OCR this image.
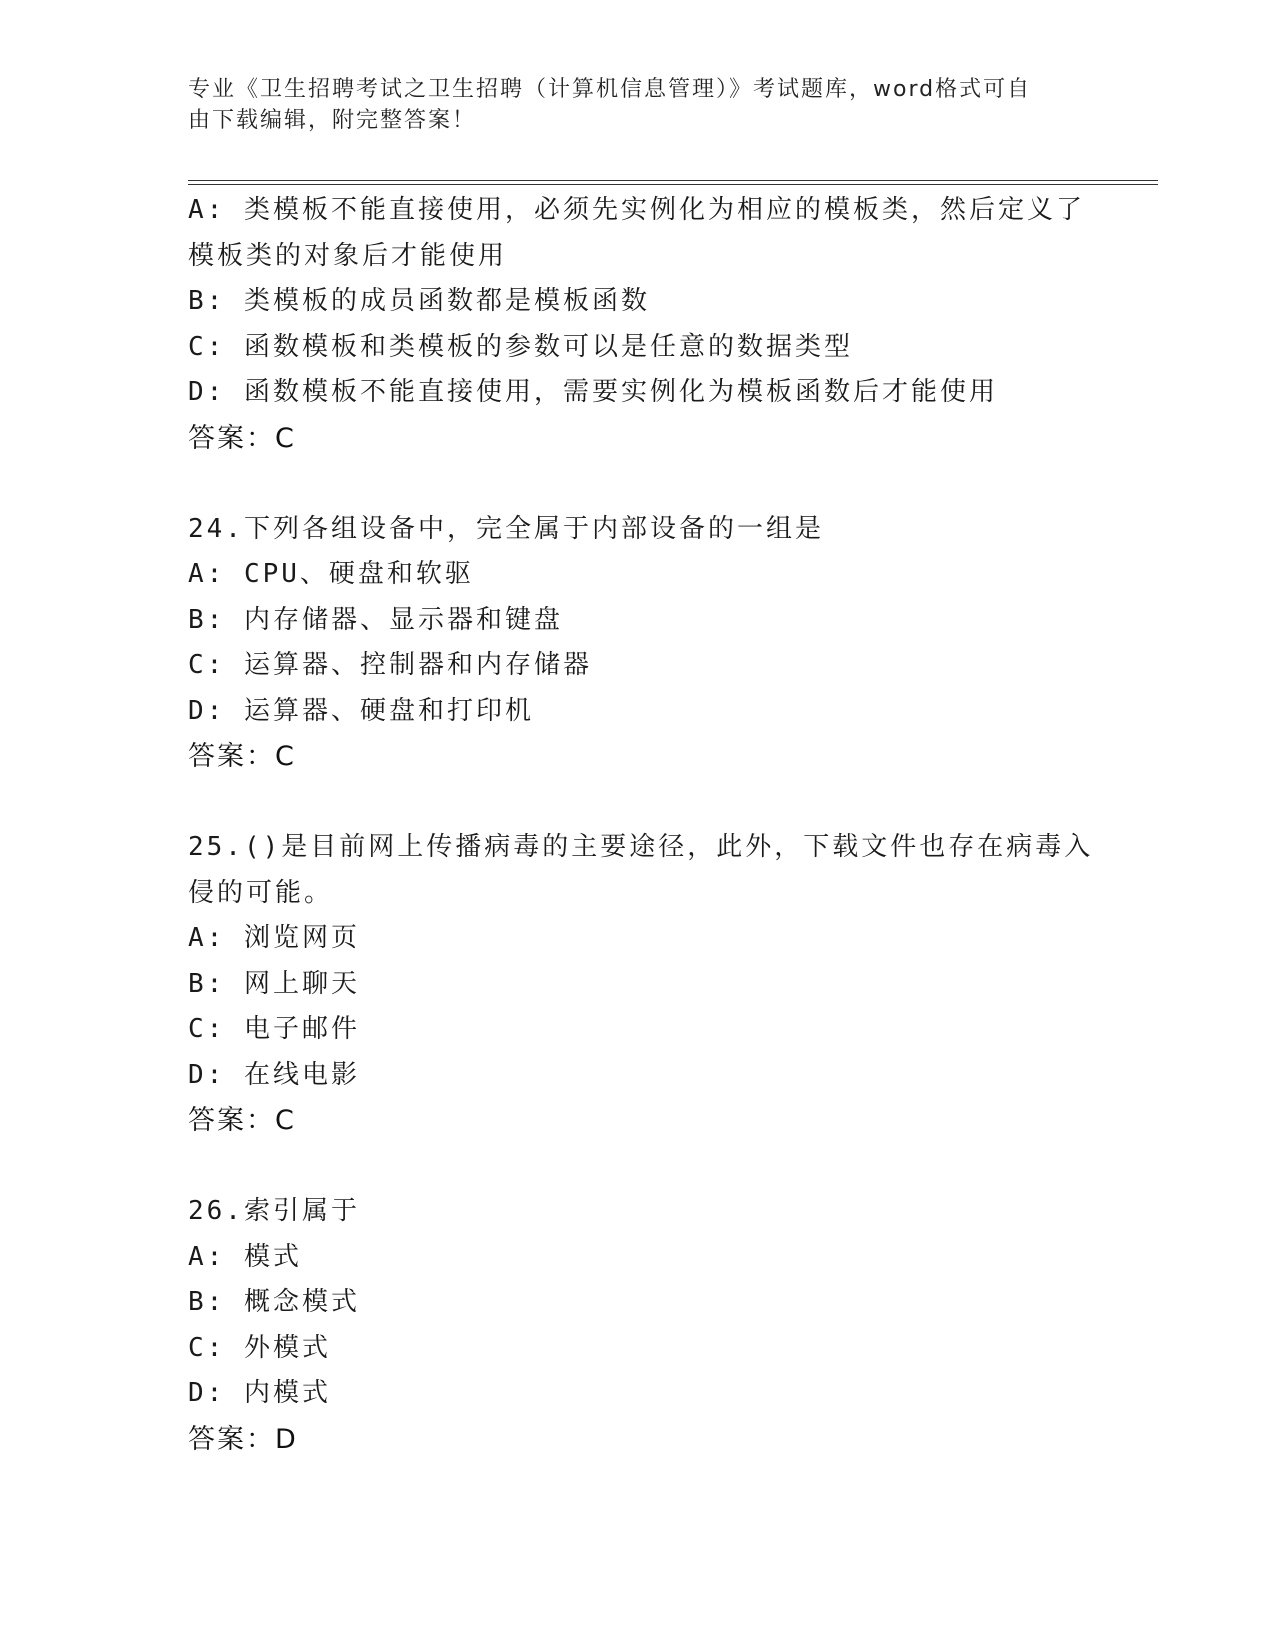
专业《卫生招聘考试之卫生招聘（计算机信息管理）》考试题库，word格式可自
由下载编辑，附完整答案！
A: 类模板不能直接使用，必须先实例化为相应的模板类，然后定义了
模板类的对象后才能使用
B: 类模板的成员函数都是模板函数
C: 函数模板和类模板的参数可以是任意的数据类型
D: 函数模板不能直接使用，需要实例化为模板函数后才能使用
答案：C
24.下列各组设备中，完全属于内部设备的一组是
A: CPU、硬盘和软驱
B: 内存储器、显示器和键盘
C: 运算器、控制器和内存储器
D: 运算器、硬盘和打印机
答案：C
25.()是目前网上传播病毒的主要途径，此外，下载文件也存在病毒入
侵的可能。
A: 浏览网页
B: 网上聊天
C: 电子邮件
D: 在线电影
答案：C
26.索引属于
A: 模式
B: 概念模式
C: 外模式
D: 内模式
答案：D
